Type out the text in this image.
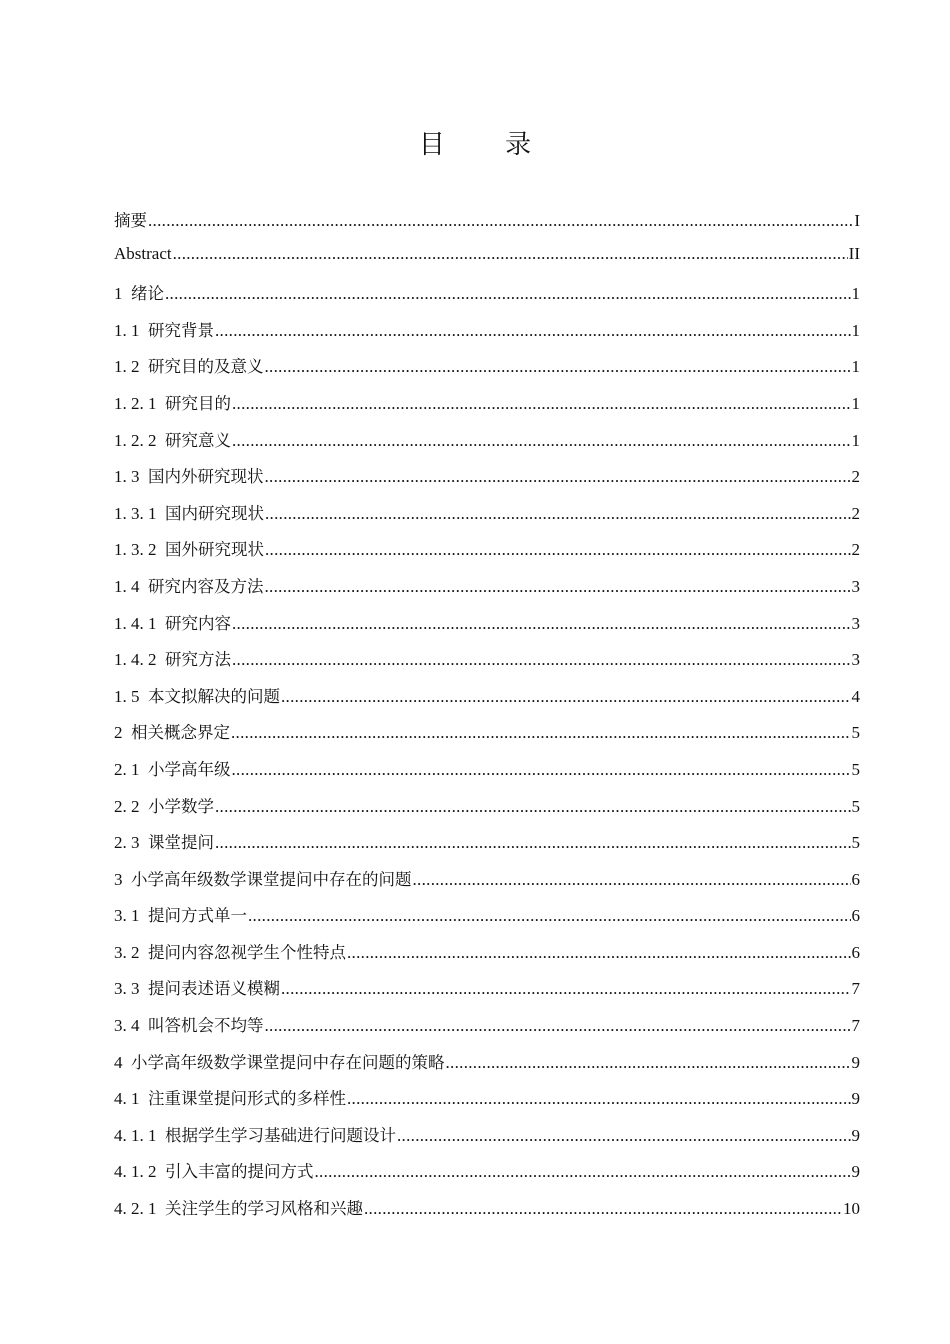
目 录
摘要 .....	I
Abstract .....	II
1  绪论 .....	1
1. 1  研究背景 .....	1
1. 2  研究目的及意义 .....	1
1. 2. 1  研究目的 .....	1
1. 2. 2  研究意义 .....	1
1. 3  国内外研究现状 .....	2
1. 3. 1  国内研究现状 .....	2
1. 3. 2  国外研究现状 .....	2
1. 4  研究内容及方法 .....	3
1. 4. 1  研究内容 .....	3
1. 4. 2  研究方法 .....	3
1. 5  本文拟解决的问题 .....	4
2  相关概念界定 .....	5
2. 1  小学高年级 .....	5
2. 2  小学数学 .....	5
2. 3  课堂提问 .....	5
3  小学高年级数学课堂提问中存在的问题 .....	6
3. 1  提问方式单一 .....	6
3. 2  提问内容忽视学生个性特点 .....	6
3. 3  提问表述语义模糊 .....	7
3. 4  叫答机会不均等 .....	7
4  小学高年级数学课堂提问中存在问题的策略 .....	9
4. 1  注重课堂提问形式的多样性 .....	9
4. 1. 1  根据学生学习基础进行问题设计 .....	9
4. 1. 2  引入丰富的提问方式 .....	9
4. 2. 1  关注学生的学习风格和兴趣 .....	10
